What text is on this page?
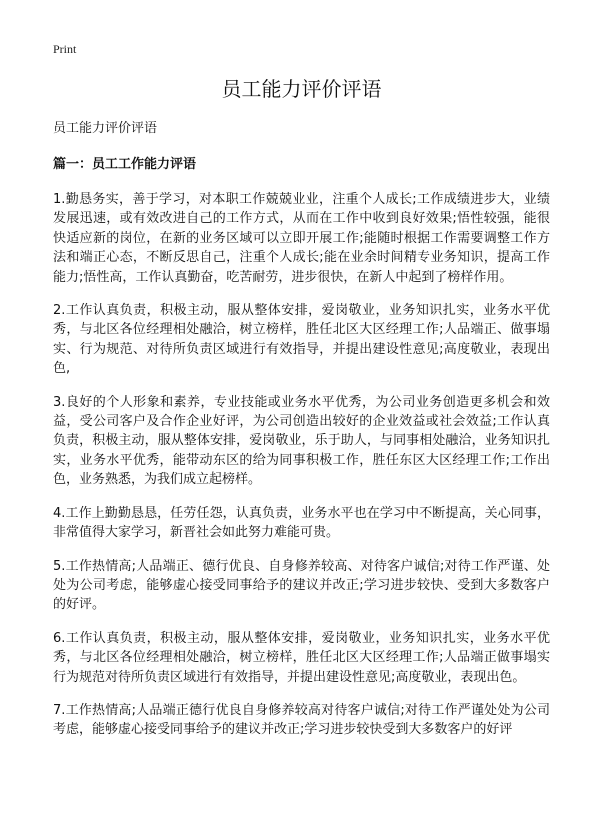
Print
员工能力评价评语
员工能力评价评语
篇一：员工工作能力评语

1.勤恳务实，善于学习，对本职工作兢兢业业，注重个人成长;工作成绩进步大，业绩发展迅速，或有效改进自己的工作方式，从而在工作中收到良好效果;悟性较强，能很快适应新的岗位，在新的业务区域可以立即开展工作;能随时根据工作需要调整工作方法和端正心态，不断反思自己，注重个人成长;能在业余时间精专业务知识，提高工作能力;悟性高，工作认真勤奋，吃苦耐劳，进步很快，在新人中起到了榜样作用。

2.工作认真负责，积极主动，服从整体安排，爱岗敬业，业务知识扎实，业务水平优秀，与北区各位经理相处融洽，树立榜样，胜任北区大区经理工作;人品端正、做事塌实、行为规范、对待所负责区域进行有效指导，并提出建设性意见;高度敬业，表现出色,

3.良好的个人形象和素养，专业技能或业务水平优秀，为公司业务创造更多机会和效益，受公司客户及合作企业好评，为公司创造出较好的企业效益或社会效益;工作认真负责，积极主动，服从整体安排，爱岗敬业，乐于助人，与同事相处融洽，业务知识扎实，业务水平优秀，能带动东区的给为同事积极工作，胜任东区大区经理工作;工作出色，业务熟悉，为我们成立起榜样。

4.工作上勤勤恳恳，任劳任怨，认真负责，业务水平也在学习中不断提高，关心同事，非常值得大家学习，新晋社会如此努力难能可贵。

5.工作热情高;人品端正、德行优良、自身修养较高、对待客户诚信;对待工作严谨、处处为公司考虑，能够虚心接受同事给予的建议并改正;学习进步较快、受到大多数客户的好评。

6.工作认真负责，积极主动，服从整体安排，爱岗敬业，业务知识扎实，业务水平优秀，与北区各位经理相处融洽，树立榜样，胜任北区大区经理工作;人品端正做事塌实行为规范对待所负责区域进行有效指导，并提出建设性意见;高度敬业，表现出色。

7.工作热情高;人品端正德行优良自身修养较高对待客户诚信;对待工作严谨处处为公司考虑，能够虚心接受同事给予的建议并改正;学习进步较快受到大多数客户的好评
